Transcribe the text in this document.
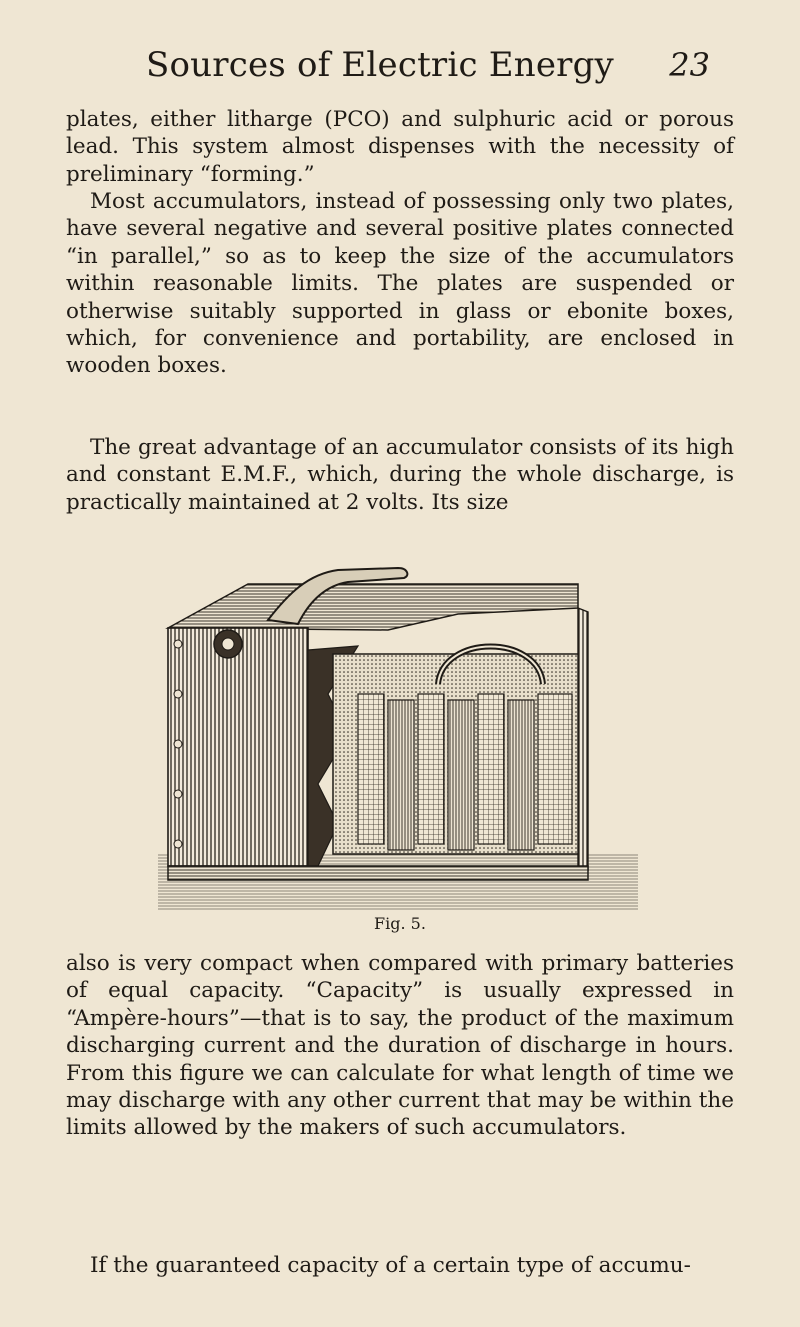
Sources of Electric Energy	23

plates, either litharge (PCO) and sulphuric acid or porous lead. This system almost dispenses with the necessity of preliminary “forming.”

Most accumulators, instead of possessing only two plates, have several negative and several positive plates connected “in parallel,” so as to keep the size of the accumulators within reasonable limits. The plates are suspended or otherwise suitably supported in glass or ebonite boxes, which, for convenience and portability, are enclosed in wooden boxes.

The great advantage of an accumulator consists of its high and constant E.M.F., which, during the whole discharge, is practically maintained at 2 volts. Its size

Fig. 5.

also is very compact when compared with primary batteries of equal capacity. “Capacity” is usually expressed in “Ampère-hours”—that is to say, the product of the maximum discharging current and the duration of discharge in hours. From this figure we can calculate for what length of time we may discharge with any other current that may be within the limits allowed by the makers of such accumulators.

If the guaranteed capacity of a certain type of accumu-
